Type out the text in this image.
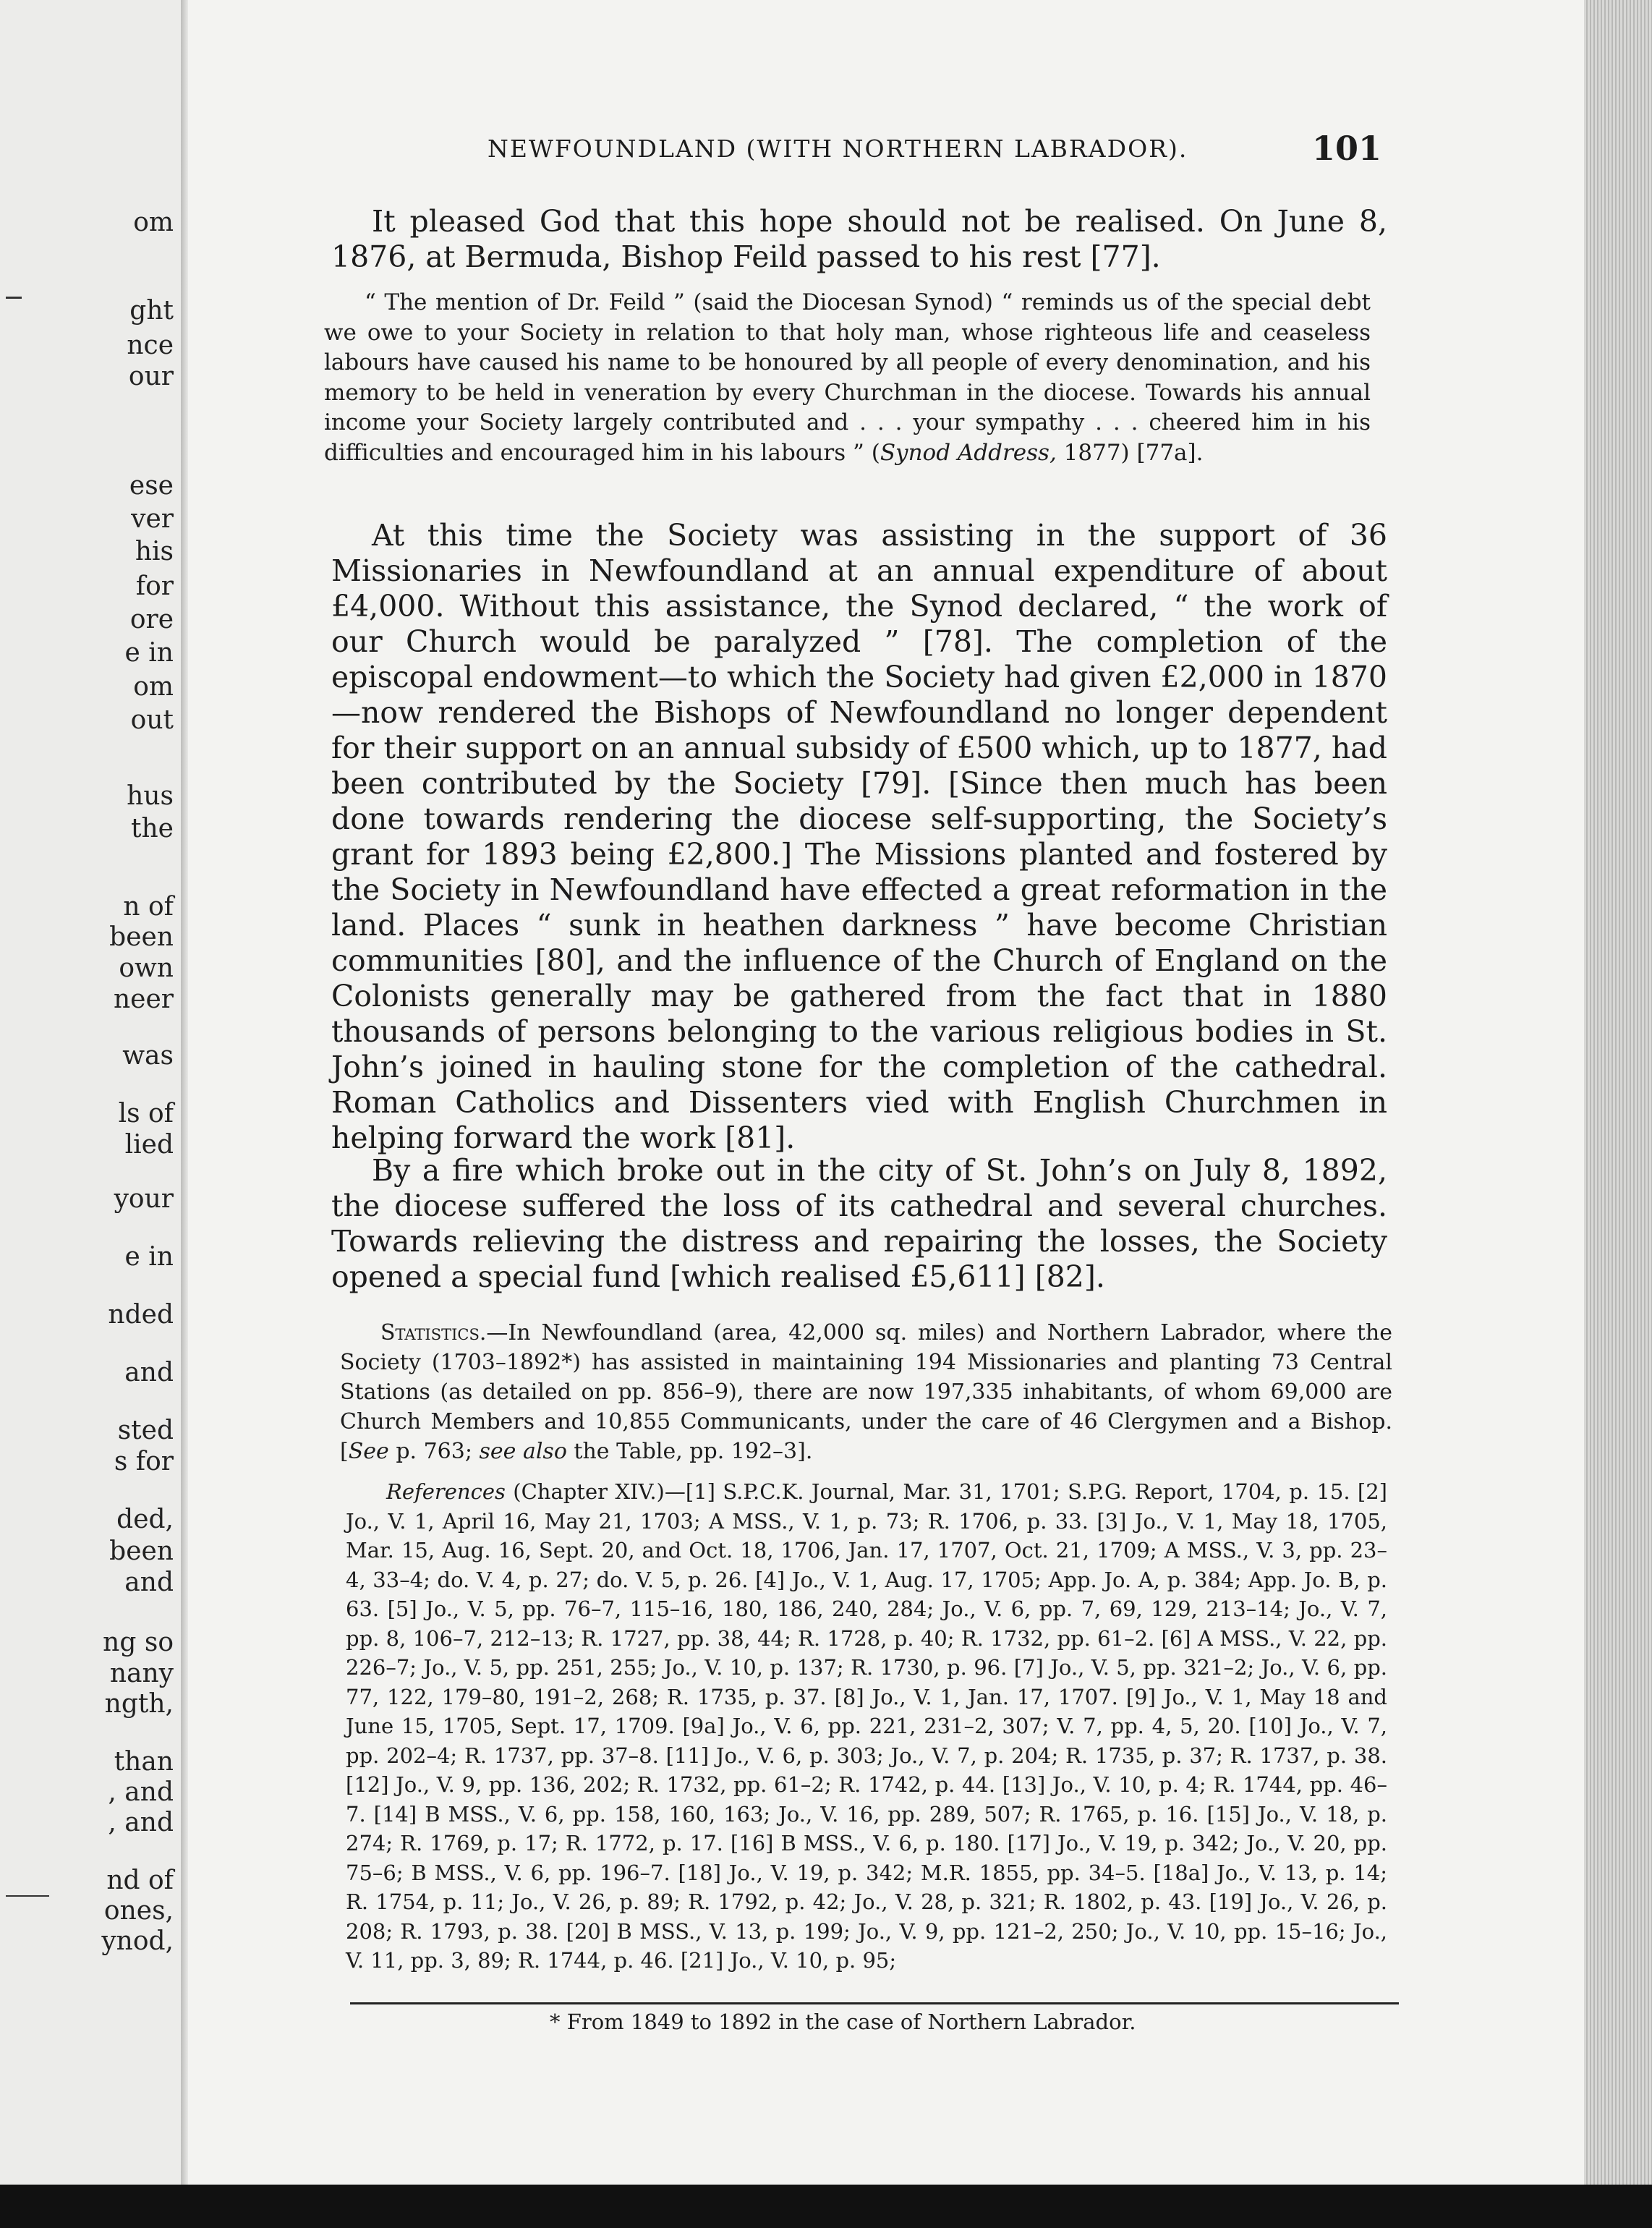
om
ght
nce
our
ese
ver
his
for
ore
e in
om
out
hus
the
n of
been
own
neer
was
ls of
lied
your
e in
nded
and
sted
s for
ded,
been
and
ng so
nany
ngth,
than
, and
, and
nd of
ones,
ynod,
NEWFOUNDLAND (WITH NORTHERN LABRADOR).	101

It pleased God that this hope should not be realised. On June 8, 1876, at Bermuda, Bishop Feild passed to his rest [77].

“ The mention of Dr. Feild ” (said the Diocesan Synod) “ reminds us of the special debt we owe to your Society in relation to that holy man, whose righteous life and ceaseless labours have caused his name to be honoured by all people of every denomination, and his memory to be held in veneration by every Churchman in the diocese. Towards his annual income your Society largely contributed and . . . your sympathy . . . cheered him in his difficulties and encouraged him in his labours ” (Synod Address, 1877) [77a].

At this time the Society was assisting in the support of 36 Missionaries in Newfoundland at an annual expenditure of about £4,000. Without this assistance, the Synod declared, “ the work of our Church would be paralyzed ” [78]. The completion of the episcopal endowment—to which the Society had given £2,000 in 1870—now rendered the Bishops of Newfoundland no longer dependent for their support on an annual subsidy of £500 which, up to 1877, had been contributed by the Society [79]. [Since then much has been done towards rendering the diocese self-supporting, the Society’s grant for 1893 being £2,800.] The Missions planted and fostered by the Society in Newfoundland have effected a great reformation in the land. Places “ sunk in heathen darkness ” have become Christian communities [80], and the influence of the Church of England on the Colonists generally may be gathered from the fact that in 1880 thousands of persons belonging to the various religious bodies in St. John’s joined in hauling stone for the completion of the cathedral. Roman Catholics and Dissenters vied with English Churchmen in helping forward the work [81].

By a fire which broke out in the city of St. John’s on July 8, 1892, the diocese suffered the loss of its cathedral and several churches. Towards relieving the distress and repairing the losses, the Society opened a special fund [which realised £5,611] [82].

Statistics.—In Newfoundland (area, 42,000 sq. miles) and Northern Labrador, where the Society (1703–1892*) has assisted in maintaining 194 Missionaries and planting 73 Central Stations (as detailed on pp. 856–9), there are now 197,335 inhabitants, of whom 69,000 are Church Members and 10,855 Communicants, under the care of 46 Clergymen and a Bishop. [See p. 763; see also the Table, pp. 192–3].

References (Chapter XIV.)—[1] S.P.C.K. Journal, Mar. 31, 1701; S.P.G. Report, 1704, p. 15. [2] Jo., V. 1, April 16, May 21, 1703; A MSS., V. 1, p. 73; R. 1706, p. 33. [3] Jo., V. 1, May 18, 1705, Mar. 15, Aug. 16, Sept. 20, and Oct. 18, 1706, Jan. 17, 1707, Oct. 21, 1709; A MSS., V. 3, pp. 23–4, 33–4; do. V. 4, p. 27; do. V. 5, p. 26. [4] Jo., V. 1, Aug. 17, 1705; App. Jo. A, p. 384; App. Jo. B, p. 63. [5] Jo., V. 5, pp. 76–7, 115–16, 180, 186, 240, 284; Jo., V. 6, pp. 7, 69, 129, 213–14; Jo., V. 7, pp. 8, 106–7, 212–13; R. 1727, pp. 38, 44; R. 1728, p. 40; R. 1732, pp. 61–2. [6] A MSS., V. 22, pp. 226–7; Jo., V. 5, pp. 251, 255; Jo., V. 10, p. 137; R. 1730, p. 96. [7] Jo., V. 5, pp. 321–2; Jo., V. 6, pp. 77, 122, 179–80, 191–2, 268; R. 1735, p. 37. [8] Jo., V. 1, Jan. 17, 1707. [9] Jo., V. 1, May 18 and June 15, 1705, Sept. 17, 1709. [9a] Jo., V. 6, pp. 221, 231–2, 307; V. 7, pp. 4, 5, 20. [10] Jo., V. 7, pp. 202–4; R. 1737, pp. 37–8. [11] Jo., V. 6, p. 303; Jo., V. 7, p. 204; R. 1735, p. 37; R. 1737, p. 38. [12] Jo., V. 9, pp. 136, 202; R. 1732, pp. 61–2; R. 1742, p. 44. [13] Jo., V. 10, p. 4; R. 1744, pp. 46–7. [14] B MSS., V. 6, pp. 158, 160, 163; Jo., V. 16, pp. 289, 507; R. 1765, p. 16. [15] Jo., V. 18, p. 274; R. 1769, p. 17; R. 1772, p. 17. [16] B MSS., V. 6, p. 180. [17] Jo., V. 19, p. 342; Jo., V. 20, pp. 75–6; B MSS., V. 6, pp. 196–7. [18] Jo., V. 19, p. 342; M.R. 1855, pp. 34–5. [18a] Jo., V. 13, p. 14; R. 1754, p. 11; Jo., V. 26, p. 89; R. 1792, p. 42; Jo., V. 28, p. 321; R. 1802, p. 43. [19] Jo., V. 26, p. 208; R. 1793, p. 38. [20] B MSS., V. 13, p. 199; Jo., V. 9, pp. 121–2, 250; Jo., V. 10, pp. 15–16; Jo., V. 11, pp. 3, 89; R. 1744, p. 46. [21] Jo., V. 10, p. 95;

* From 1849 to 1892 in the case of Northern Labrador.
